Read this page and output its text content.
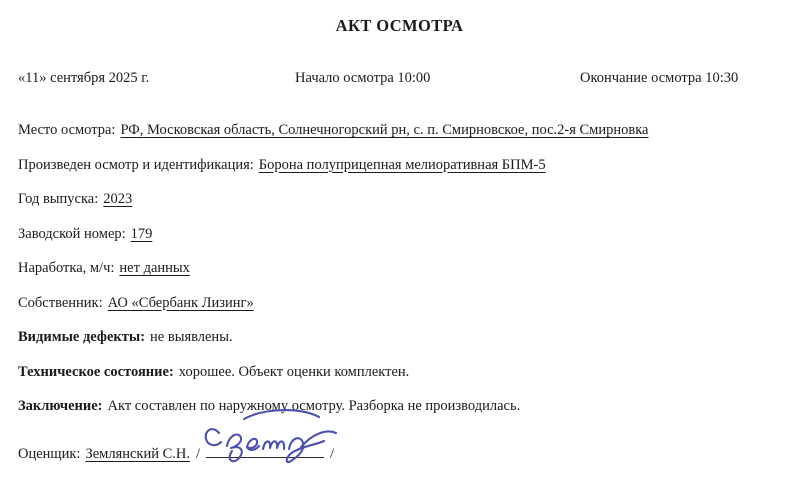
АКТ ОСМОТРА
«11» сентября 2025 г.	Начало осмотра 10:00	Окончание осмотра 10:30

Место осмотра: РФ, Московская область, Солнечногорский рн, с. п. Смирновское, пос.2-я Смирновка

Произведен осмотр и идентификация: Борона полуприцепная мелиоративная БПМ-5

Год выпуска: 2023

Заводской номер: 179

Наработка, м/ч: нет данных

Собственник: АО «Сбербанк Лизинг»

Видимые дефекты: не выявлены.

Техническое состояние: хорошее. Объект оценки комплектен.

Заключение: Акт составлен по наружному осмотру. Разборка не производилась.

Оценщик: Землянский С.Н. /	/
